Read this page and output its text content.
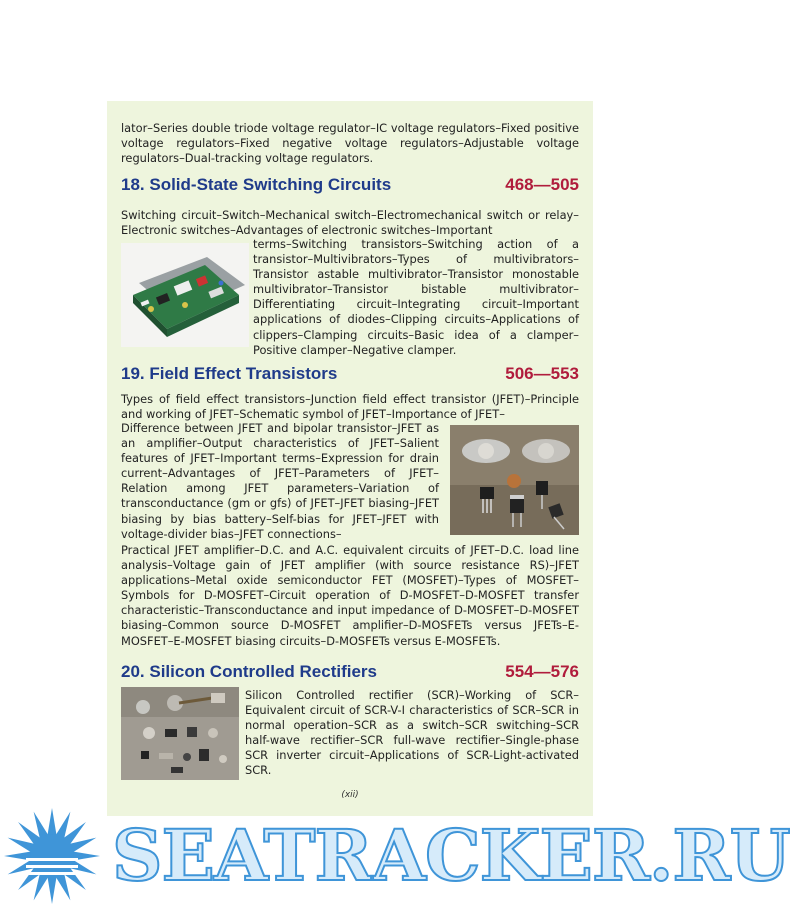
lator–Series double triode voltage regulator–IC voltage regulators–Fixed positive voltage regulators–Fixed negative voltage regulators–Adjustable voltage regulators–Dual-tracking voltage regulators.

18. Solid-State Switching Circuits	468—505

Switching circuit–Switch–Mechanical switch–Electromechanical switch or relay–Electronic switches–Advantages of electronic switches–Important

terms–Switching transistors–Switching action of a transistor–Multivibrators–Types of multivibrators–Transistor astable multivibrator–Transistor monostable multivibrator–Transistor bistable multivibrator–Differentiating circuit–Integrating circuit–Important applications of diodes–Clipping circuits–Applications of clippers–Clamping circuits–Basic idea of a clamper–Positive clamper–Negative clamper.

19. Field Effect Transistors	506—553

Types of field effect transistors–Junction field effect transistor (JFET)–Principle and working of JFET–Schematic symbol of JFET–Importance of JFET–

Difference between JFET and bipolar transistor–JFET as an amplifier–Output characteristics of JFET–Salient features of JFET–Important terms–Expression for drain current–Advantages of JFET–Parameters of JFET–Relation among JFET parameters–Variation of transconductance (gm or gfs) of JFET–JFET biasing–JFET biasing by bias battery–Self-bias for JFET–JFET with voltage-divider bias–JFET connections–

Practical JFET amplifier–D.C. and A.C. equivalent circuits of JFET–D.C. load line analysis–Voltage gain of JFET amplifier (with source resistance RS)–JFET applications–Metal oxide semiconductor FET (MOSFET)–Types of MOSFET–Symbols for D-MOSFET–Circuit operation of D-MOSFET–D-MOSFET transfer characteristic–Transconductance and input impedance of D-MOSFET–D-MOSFET biasing–Common source D-MOSFET amplifier–D-MOSFETs versus JFETs–E-MOSFET–E-MOSFET biasing circuits–D-MOSFETs versus E-MOSFETs.

20. Silicon Controlled Rectifiers	554—576

Silicon Controlled rectifier (SCR)–Working of SCR–Equivalent circuit of SCR-V-I characteristics of SCR–SCR in normal operation–SCR as a switch–SCR switching–SCR half-wave rectifier–SCR full-wave rectifier–Single-phase SCR inverter circuit–Applications of SCR-Light-activated SCR.

(xii)
SEATRACKER.RU
